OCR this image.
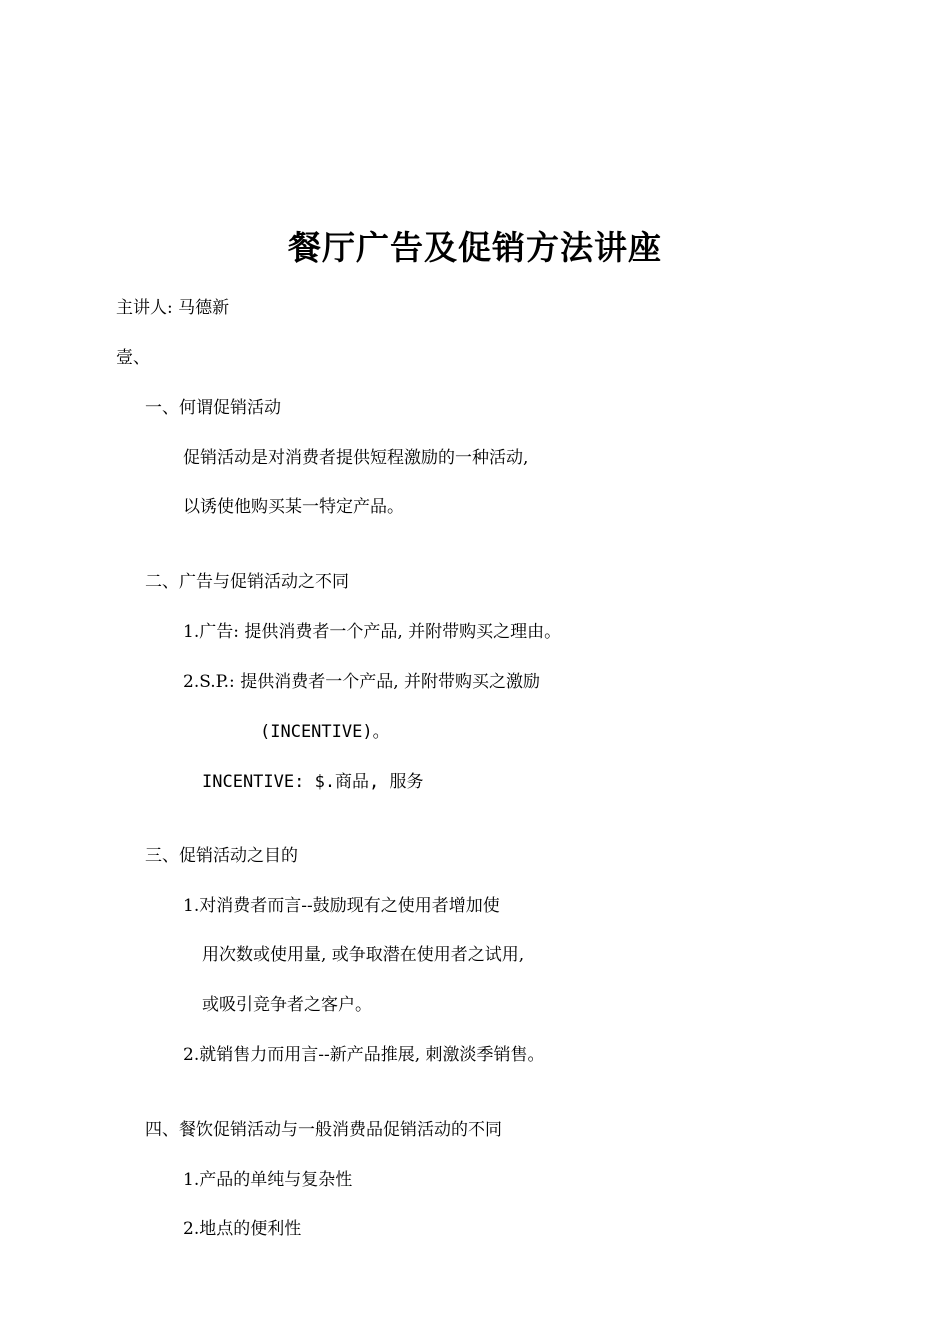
餐厅广告及促销方法讲座
主讲人: 马德新
壹、
一、何谓促销活动
促销活动是对消费者提供短程激励的一种活动,
以诱使他购买某一特定产品。
二、广告与促销活动之不同
1.广告: 提供消费者一个产品, 并附带购买之理由。
2.S.P.: 提供消费者一个产品, 并附带购买之激励
(INCENTIVE)。
INCENTIVE: $.商品, 服务
三、促销活动之目的
1.对消费者而言--鼓励现有之使用者增加使
用次数或使用量, 或争取潜在使用者之试用,
或吸引竞争者之客户。
2.就销售力而用言--新产品推展, 刺激淡季销售。
四、餐饮促销活动与一般消费品促销活动的不同
1.产品的单纯与复杂性
2.地点的便利性
